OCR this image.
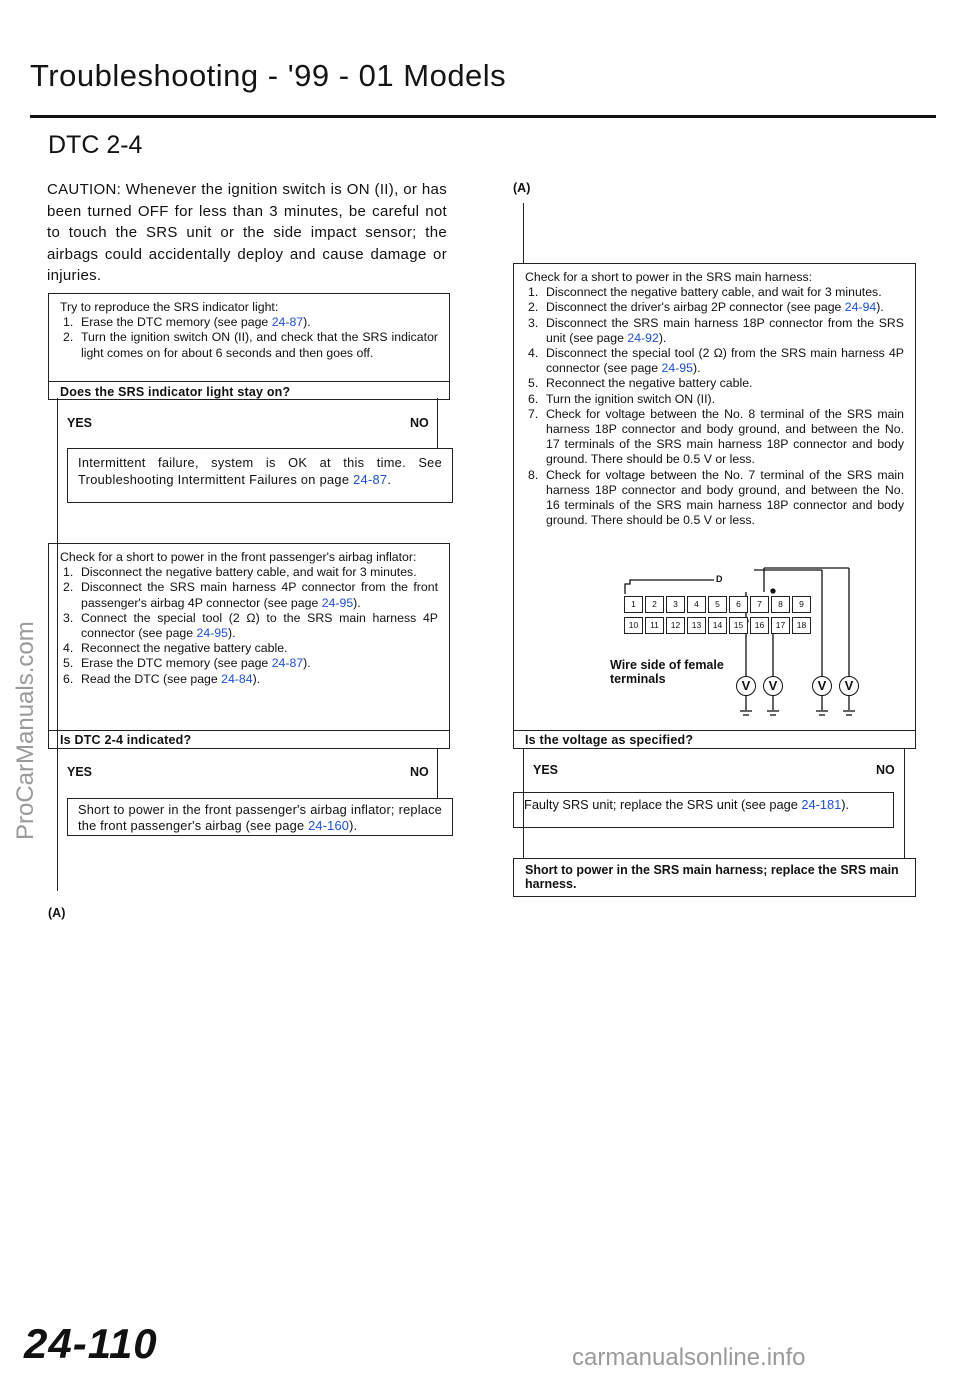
Troubleshooting - '99 - 01 Models
DTC 2-4
CAUTION: Whenever the ignition switch is ON (II), or has been turned OFF for less than 3 minutes, be careful not to touch the SRS unit or the side impact sensor; the airbags could accidentally deploy and cause damage or injuries.
Try to reproduce the SRS indicator light:
1. Erase the DTC memory (see page 24-87).
2. Turn the ignition switch ON (II), and check that the SRS indicator light comes on for about 6 seconds and then goes off.
Does the SRS indicator light stay on?
YES	NO
Intermittent failure, system is OK at this time. See Troubleshooting Intermittent Failures on page 24-87.
Check for a short to power in the front passenger's airbag inflator:
1. Disconnect the negative battery cable, and wait for 3 minutes.
2. Disconnect the SRS main harness 4P connector from the front passenger's airbag 4P connector (see page 24-95).
3. Connect the special tool (2 Ω) to the SRS main harness 4P connector (see page 24-95).
4. Reconnect the negative battery cable.
5. Erase the DTC memory (see page 24-87).
6. Read the DTC (see page 24-84).
Is DTC 2-4 indicated?
YES	NO
Short to power in the front passenger's airbag inflator; replace the front passenger's airbag (see page 24-160).
(A)
(A)
Check for a short to power in the SRS main harness:
1. Disconnect the negative battery cable, and wait for 3 minutes.
2. Disconnect the driver's airbag 2P connector (see page 24-94).
3. Disconnect the SRS main harness 18P connector from the SRS unit (see page 24-92).
4. Disconnect the special tool (2 Ω) from the SRS main harness 4P connector (see page 24-95).
5. Reconnect the negative battery cable.
6. Turn the ignition switch ON (II).
7. Check for voltage between the No. 8 terminal of the SRS main harness 18P connector and body ground, and between the No. 17 terminals of the SRS main harness 18P connector and body ground. There should be 0.5 V or less.
8. Check for voltage between the No. 7 terminal of the SRS main harness 18P connector and body ground, and between the No. 16 terminals of the SRS main harness 18P connector and body ground. There should be 0.5 V or less.
D
1	2	3	4	5	6	7	8	9
10	11	12	13	14	15	16	17	18
Wire side of female terminals	V	V	V	V
Is the voltage as specified?
YES	NO
Faulty SRS unit; replace the SRS unit (see page 24-181).
Short to power in the SRS main harness; replace the SRS main harness.
24-110
ProCarManuals.com
carmanualsonline.info
